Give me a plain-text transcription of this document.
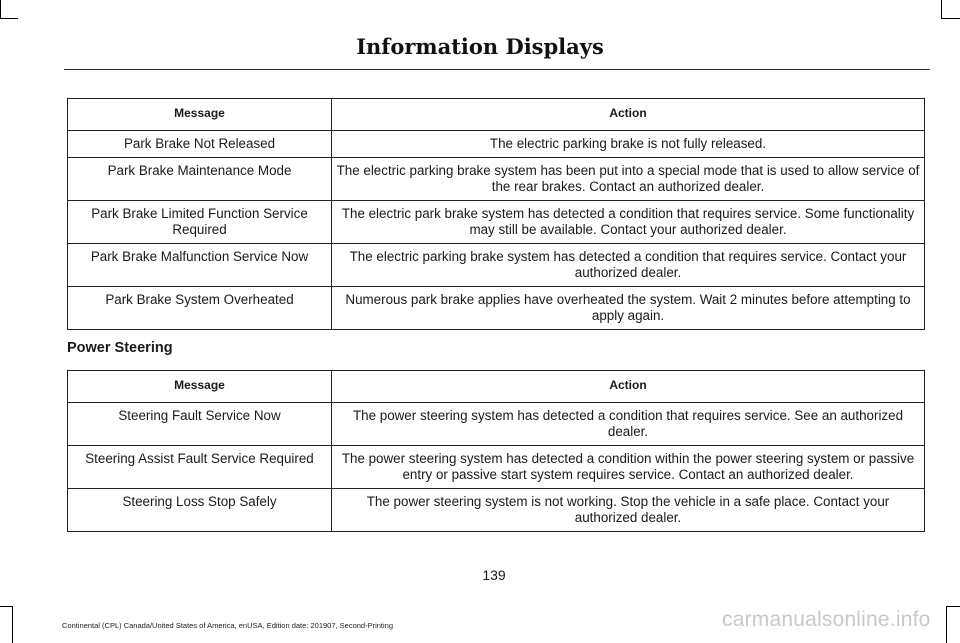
Information Displays
Message	Action
Park Brake Not Released	The electric parking brake is not fully released.
Park Brake Maintenance Mode	The electric parking brake system has been put into a special mode that is used to allow service of the rear brakes. Contact an authorized dealer.
Park Brake Limited Function Service Required	The electric park brake system has detected a condition that requires service. Some functionality may still be available. Contact your authorized dealer.
Park Brake Malfunction Service Now	The electric parking brake system has detected a condition that requires service. Contact your authorized dealer.
Park Brake System Overheated	Numerous park brake applies have overheated the system. Wait 2 minutes before attempting to apply again.
Power Steering
Message	Action
Steering Fault Service Now	The power steering system has detected a condition that requires service. See an authorized dealer.
Steering Assist Fault Service Required	The power steering system has detected a condition within the power steering system or passive entry or passive start system requires service. Contact an authorized dealer.
Steering Loss Stop Safely	The power steering system is not working. Stop the vehicle in a safe place. Contact your authorized dealer.
139
Continental (CPL) Canada/United States of America, enUSA, Edition date: 201907, Second-Printing	carmanualsonline.info
